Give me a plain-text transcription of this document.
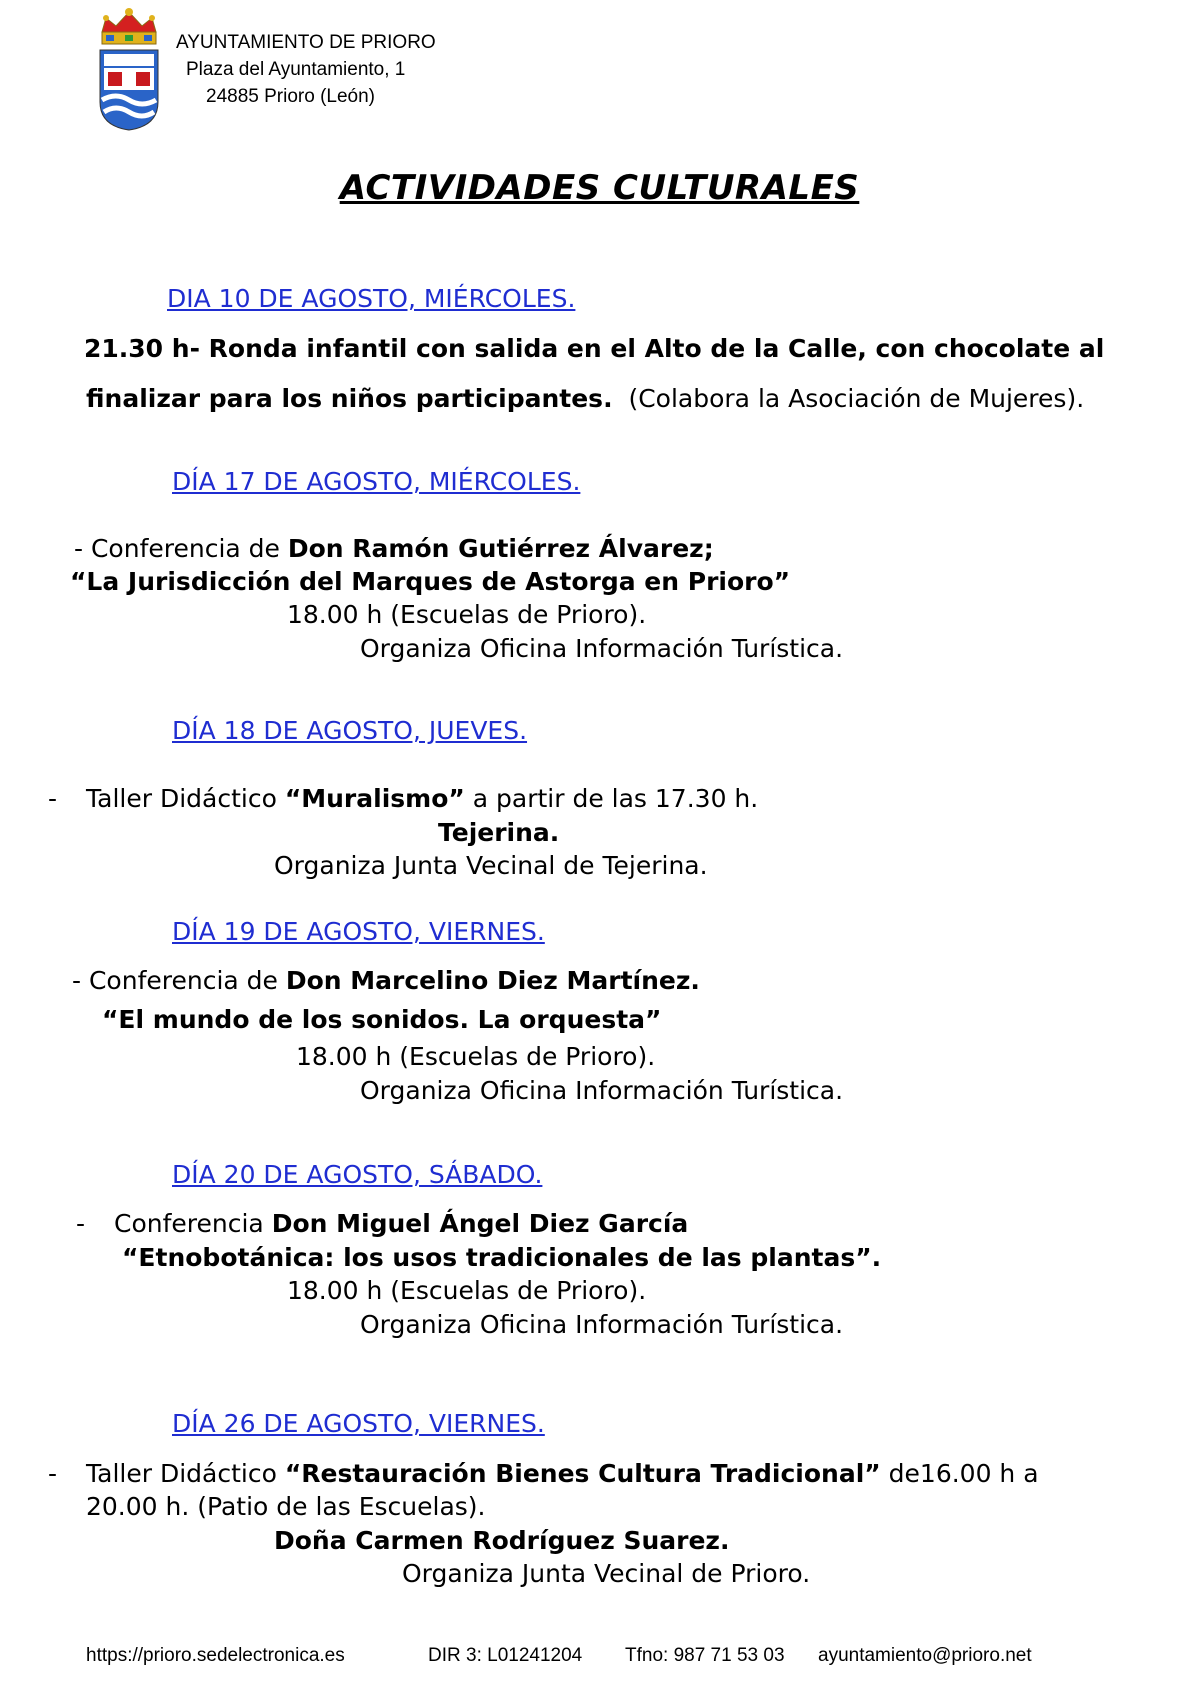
AYUNTAMIENTO DE PRIORO
Plaza del Ayuntamiento, 1
24885 Prioro (León)
ACTIVIDADES CULTURALES
DIA 10 DE AGOSTO, MIÉRCOLES.
21.30 h- Ronda infantil con salida en el Alto de la Calle, con chocolate al
finalizar para los niños participantes. (Colabora la Asociación de Mujeres).
DÍA 17 DE AGOSTO, MIÉRCOLES.
- Conferencia de Don Ramón Gutiérrez Álvarez;
“La Jurisdicción del Marques de Astorga en Prioro”
18.00 h (Escuelas de Prioro).
Organiza Oficina Información Turística.
DÍA 18 DE AGOSTO, JUEVES.
- Taller Didáctico “Muralismo” a partir de las 17.30 h.
Tejerina.
Organiza Junta Vecinal de Tejerina.
DÍA 19 DE AGOSTO, VIERNES.
- Conferencia de Don Marcelino Diez Martínez.
“El mundo de los sonidos. La orquesta”
18.00 h (Escuelas de Prioro).
Organiza Oficina Información Turística.
DÍA 20 DE AGOSTO, SÁBADO.
- Conferencia Don Miguel Ángel Diez García
“Etnobotánica: los usos tradicionales de las plantas”.
18.00 h (Escuelas de Prioro).
Organiza Oficina Información Turística.
DÍA 26 DE AGOSTO, VIERNES.
- Taller Didáctico “Restauración Bienes Cultura Tradicional” de16.00 h a
20.00 h. (Patio de las Escuelas).
Doña Carmen Rodríguez Suarez.
Organiza Junta Vecinal de Prioro.
https://prioro.sedelectronica.es	DIR 3: L01241204 Tfno: 987 71 53 03 ayuntamiento@prioro.net
